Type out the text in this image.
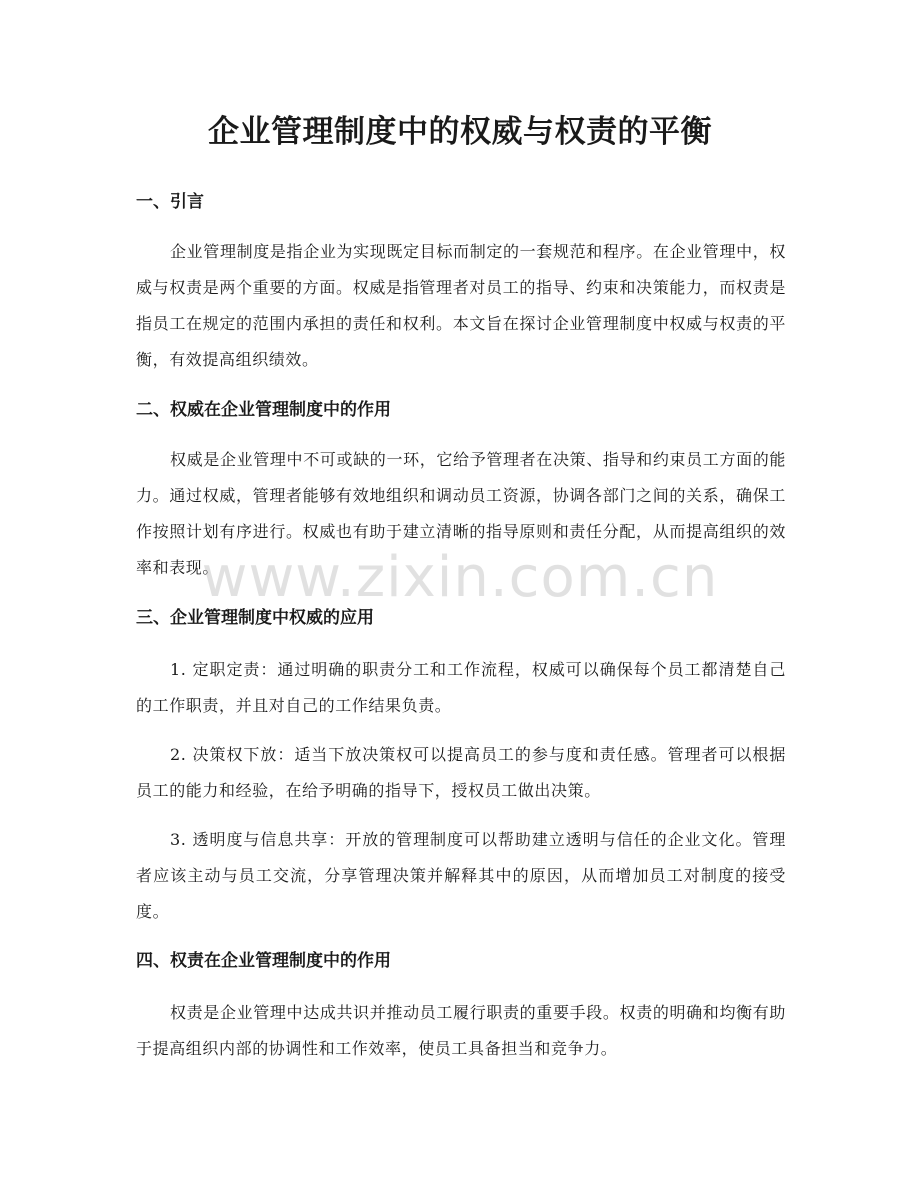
企业管理制度中的权威与权责的平衡
一、引言

企业管理制度是指企业为实现既定目标而制定的一套规范和程序。在企业管理中，权威与权责是两个重要的方面。权威是指管理者对员工的指导、约束和决策能力，而权责是指员工在规定的范围内承担的责任和权利。本文旨在探讨企业管理制度中权威与权责的平衡，有效提高组织绩效。

二、权威在企业管理制度中的作用

权威是企业管理中不可或缺的一环，它给予管理者在决策、指导和约束员工方面的能力。通过权威，管理者能够有效地组织和调动员工资源，协调各部门之间的关系，确保工作按照计划有序进行。权威也有助于建立清晰的指导原则和责任分配，从而提高组织的效率和表现。

三、企业管理制度中权威的应用

1. 定职定责：通过明确的职责分工和工作流程，权威可以确保每个员工都清楚自己的工作职责，并且对自己的工作结果负责。

2. 决策权下放：适当下放决策权可以提高员工的参与度和责任感。管理者可以根据员工的能力和经验，在给予明确的指导下，授权员工做出决策。

3. 透明度与信息共享：开放的管理制度可以帮助建立透明与信任的企业文化。管理者应该主动与员工交流，分享管理决策并解释其中的原因，从而增加员工对制度的接受度。

四、权责在企业管理制度中的作用

权责是企业管理中达成共识并推动员工履行职责的重要手段。权责的明确和均衡有助于提高组织内部的协调性和工作效率，使员工具备担当和竞争力。

www.zixin.com.cn
